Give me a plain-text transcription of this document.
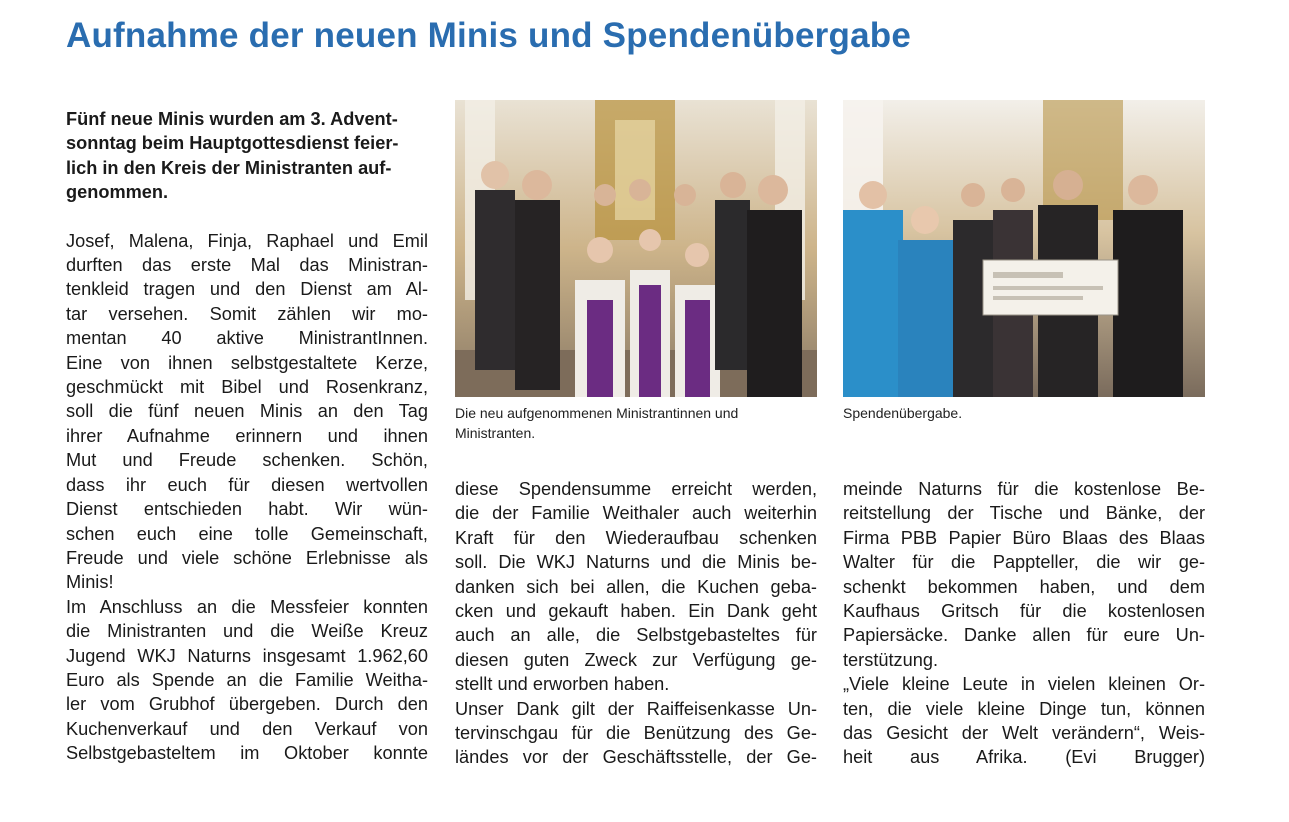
Aufnahme der neuen Minis und Spendenübergabe

Fünf neue Minis wurden am 3. Advent-
sonntag beim Hauptgottesdienst feier-
lich in den Kreis der Ministranten auf-
genommen.

Josef, Malena, Finja, Raphael und Emil
durften das erste Mal das Ministran-
tenkleid tragen und den Dienst am Al-
tar versehen. Somit zählen wir mo-
mentan 40 aktive MinistrantInnen.
Eine von ihnen selbstgestaltete Kerze,
geschmückt mit Bibel und Rosenkranz,
soll die fünf neuen Minis an den Tag
ihrer Aufnahme erinnern und ihnen
Mut und Freude schenken. Schön,
dass ihr euch für diesen wertvollen
Dienst entschieden habt. Wir wün-
schen euch eine tolle Gemeinschaft,
Freude und viele schöne Erlebnisse als
Minis!
Im Anschluss an die Messfeier konnten
die Ministranten und die Weiße Kreuz
Jugend WKJ Naturns insgesamt 1.962,60
Euro als Spende an die Familie Weitha-
ler vom Grubhof übergeben. Durch den
Kuchenverkauf und den Verkauf von
Selbstgebasteltem im Oktober konnte

Die neu aufgenommenen Ministrantinnen und Ministranten.
Spendenübergabe.

diese Spendensumme erreicht werden,
die der Familie Weithaler auch weiterhin
Kraft für den Wiederaufbau schenken
soll. Die WKJ Naturns und die Minis be-
danken sich bei allen, die Kuchen geba-
cken und gekauft haben. Ein Dank geht
auch an alle, die Selbstgebasteltes für
diesen guten Zweck zur Verfügung ge-
stellt und erworben haben.
Unser Dank gilt der Raiffeisenkasse Un-
tervinschgau für die Benützung des Ge-
ländes vor der Geschäftsstelle, der Ge-

meinde Naturns für die kostenlose Be-
reitstellung der Tische und Bänke, der
Firma PBB Papier Büro Blaas des Blaas
Walter für die Pappteller, die wir ge-
schenkt bekommen haben, und dem
Kaufhaus Gritsch für die kostenlosen
Papiersäcke. Danke allen für eure Un-
terstützung.
„Viele kleine Leute in vielen kleinen Or-
ten, die viele kleine Dinge tun, können
das Gesicht der Welt verändern“, Weis-
heit aus Afrika. (Evi Brugger)
